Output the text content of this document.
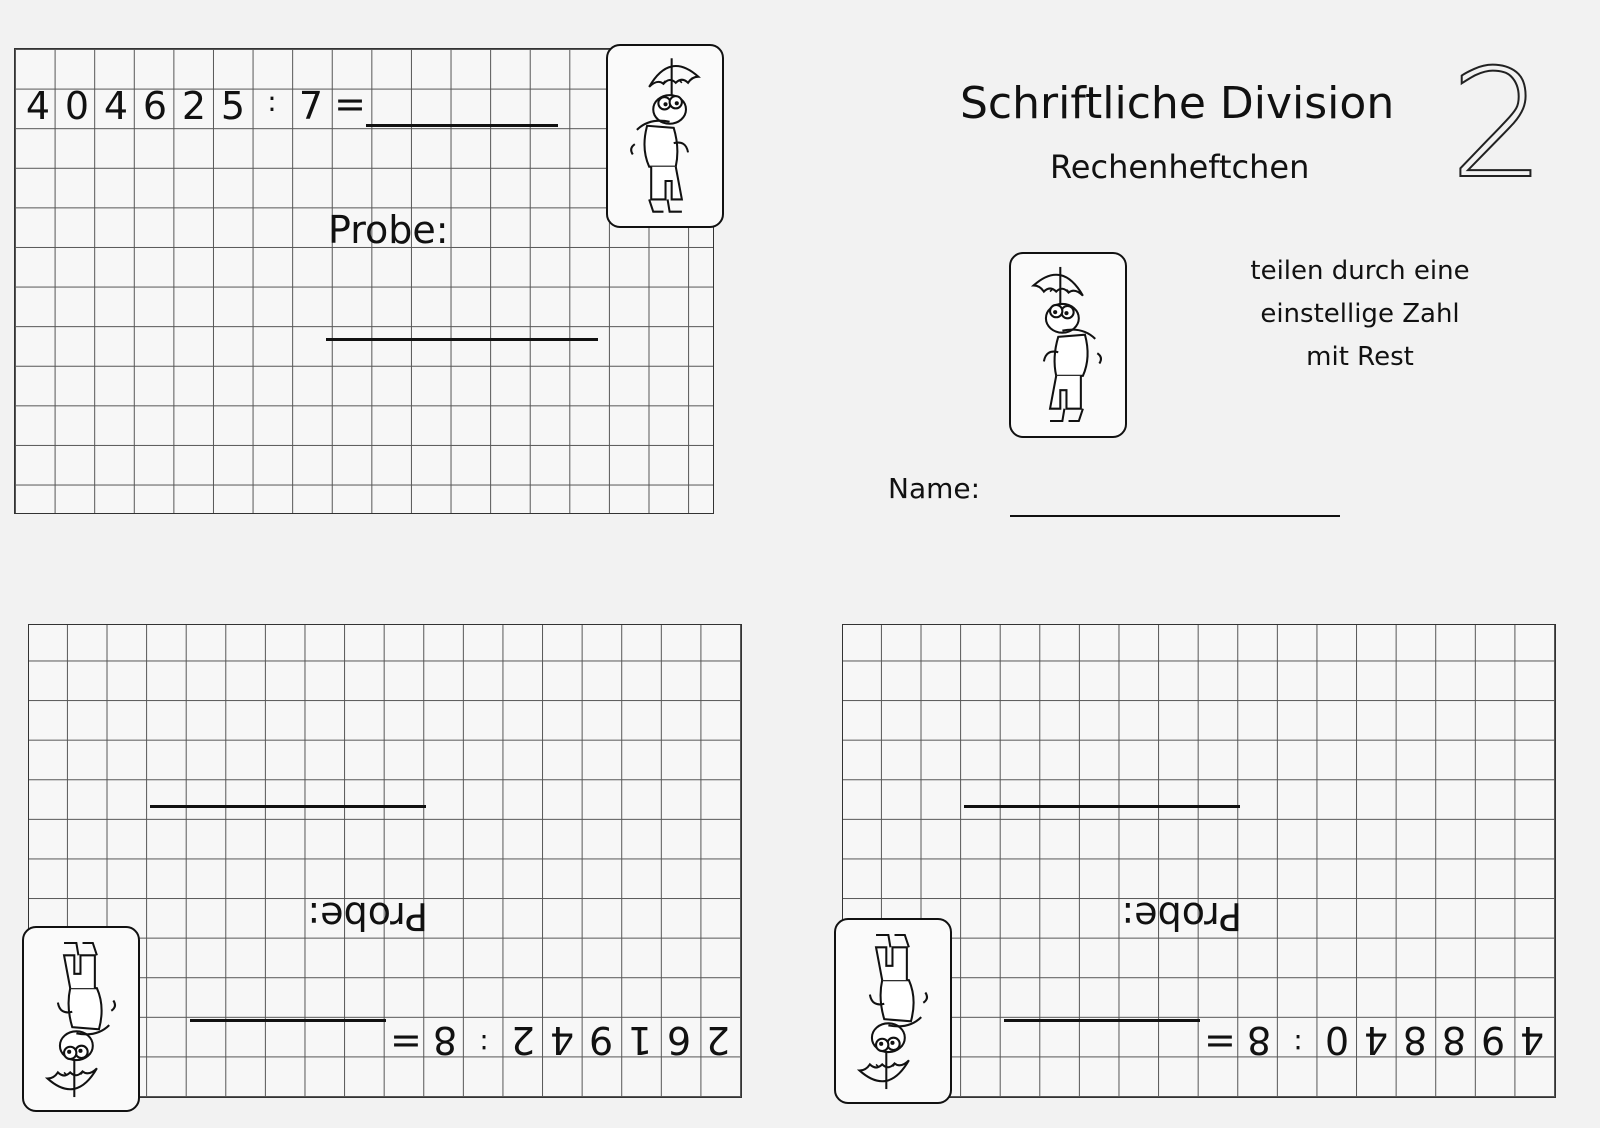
4 0 4 6 2 5 : 7 =
Probe:
Schriftliche Division
Rechenheftchen 2
teilen durch eine
einstellige Zahl
mit Rest
Name:
2
6
1
9
4
2
:
8
=
Probe:
4
9
8
8
4
0
:
8
=
Probe:
